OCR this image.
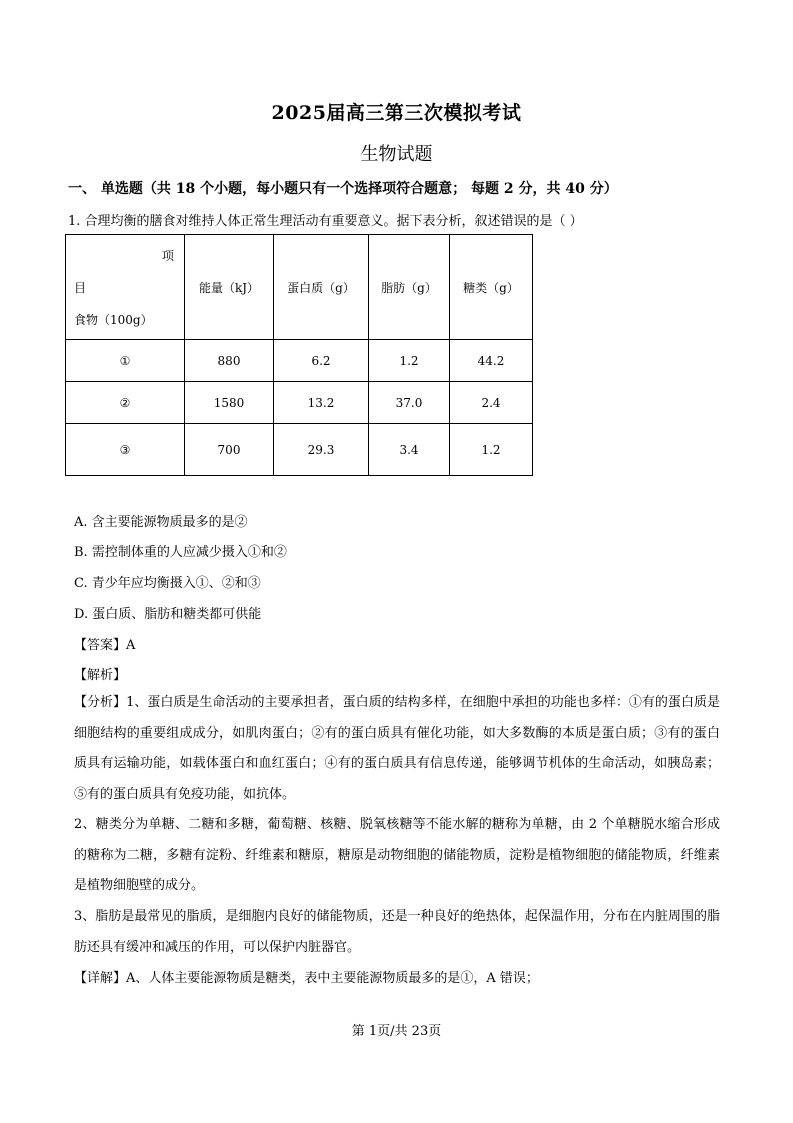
2025届高三第三次模拟考试
生物试题
一、 单选题（共 18 个小题，每小题只有一个选择项符合题意； 每题 2 分，共 40 分）
1. 合理均衡的膳食对维持人体正常生理活动有重要意义。据下表分析，叙述错误的是（ ）
项
目
食物（100g）	能量（kJ）	蛋白质（g）	脂肪（g）	糖类（g）
①	880	6.2	1.2	44.2
②	1580	13.2	37.0	2.4
③	700	29.3	3.4	1.2
A. 含主要能源物质最多的是②
B. 需控制体重的人应减少摄入①和②
C. 青少年应均衡摄入①、②和③
D. 蛋白质、脂肪和糖类都可供能
【答案】A
【解析】
【分析】1、蛋白质是生命活动的主要承担者，蛋白质的结构多样，在细胞中承担的功能也多样：①有的蛋白质是细胞结构的重要组成成分，如肌肉蛋白；②有的蛋白质具有催化功能，如大多数酶的本质是蛋白质；③有的蛋白质具有运输功能，如载体蛋白和血红蛋白；④有的蛋白质具有信息传递，能够调节机体的生命活动，如胰岛素；⑤有的蛋白质具有免疫功能，如抗体。
2、糖类分为单糖、二糖和多糖，葡萄糖、核糖、脱氧核糖等不能水解的糖称为单糖，由 2 个单糖脱水缩合形成的糖称为二糖，多糖有淀粉、纤维素和糖原，糖原是动物细胞的储能物质，淀粉是植物细胞的储能物质，纤维素是植物细胞壁的成分。
3、脂肪是最常见的脂质，是细胞内良好的储能物质，还是一种良好的绝热体，起保温作用，分布在内脏周围的脂肪还具有缓冲和减压的作用，可以保护内脏器官。
【详解】A、人体主要能源物质是糖类，表中主要能源物质最多的是①，A 错误；
第 1页/共 23页
